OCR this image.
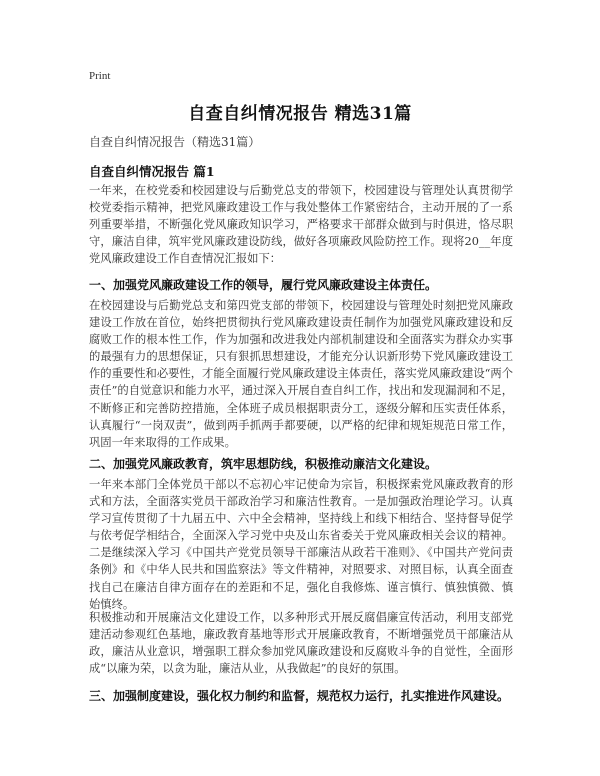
Print
自查自纠情况报告 精选31篇
自查自纠情况报告（精选31篇）
自查自纠情况报告 篇1
一年来，在校党委和校园建设与后勤党总支的带领下，校园建设与管理处认真贯彻学校党委指示精神，把党风廉政建设工作与我处整体工作紧密结合，主动开展的了一系列重要举措，不断强化党风廉政知识学习，严格要求干部群众做到与时俱进，恪尽职守，廉洁自律，筑牢党风廉政建设防线，做好各项廉政风险防控工作。现将20__年度党风廉政建设工作自查情况汇报如下：
一、加强党风廉政建设工作的领导，履行党风廉政建设主体责任。
在校园建设与后勤党总支和第四党支部的带领下，校园建设与管理处时刻把党风廉政建设工作放在首位，始终把贯彻执行党风廉政建设责任制作为加强党风廉政建设和反腐败工作的根本性工作，作为加强和改进我处内部机制建设和全面落实为群众办实事的最强有力的思想保证，只有狠抓思想建设，才能充分认识新形势下党风廉政建设工作的重要性和必要性，才能全面履行党风廉政建设主体责任，落实党风廉政建设“两个责任”的自觉意识和能力水平，通过深入开展自查自纠工作，找出和发现漏洞和不足，不断修正和完善防控措施，全体班子成员根据职责分工，逐级分解和压实责任体系，认真履行“一岗双责”，做到两手抓两手都要硬，以严格的纪律和规矩规范日常工作，巩固一年来取得的工作成果。
二、加强党风廉政教育，筑牢思想防线，积极推动廉洁文化建设。
一年来本部门全体党员干部以不忘初心牢记使命为宗旨，积极探索党风廉政教育的形式和方法，全面落实党员干部政治学习和廉洁性教育。一是加强政治理论学习。认真学习宣传贯彻了十九届五中、六中全会精神，坚持线上和线下相结合、坚持督导促学与依考促学相结合，全面深入学习党中央及山东省委关于党风廉政相关会议的精神。二是继续深入学习《中国共产党党员领导干部廉洁从政若干准则》、《中国共产党问责条例》和《中华人民共和国监察法》等文件精神，对照要求、对照目标，认真全面查找自己在廉洁自律方面存在的差距和不足，强化自我修炼、谨言慎行、慎独慎微、慎始慎终。
积极推动和开展廉洁文化建设工作，以多种形式开展反腐倡廉宣传活动，利用支部党建活动参观红色基地，廉政教育基地等形式开展廉政教育，不断增强党员干部廉洁从政，廉洁从业意识，增强职工群众参加党风廉政建设和反腐败斗争的自觉性，全面形成“以廉为荣，以贪为耻，廉洁从业，从我做起”的良好的氛围。
三、加强制度建设，强化权力制约和监督，规范权力运行，扎实推进作风建设。
